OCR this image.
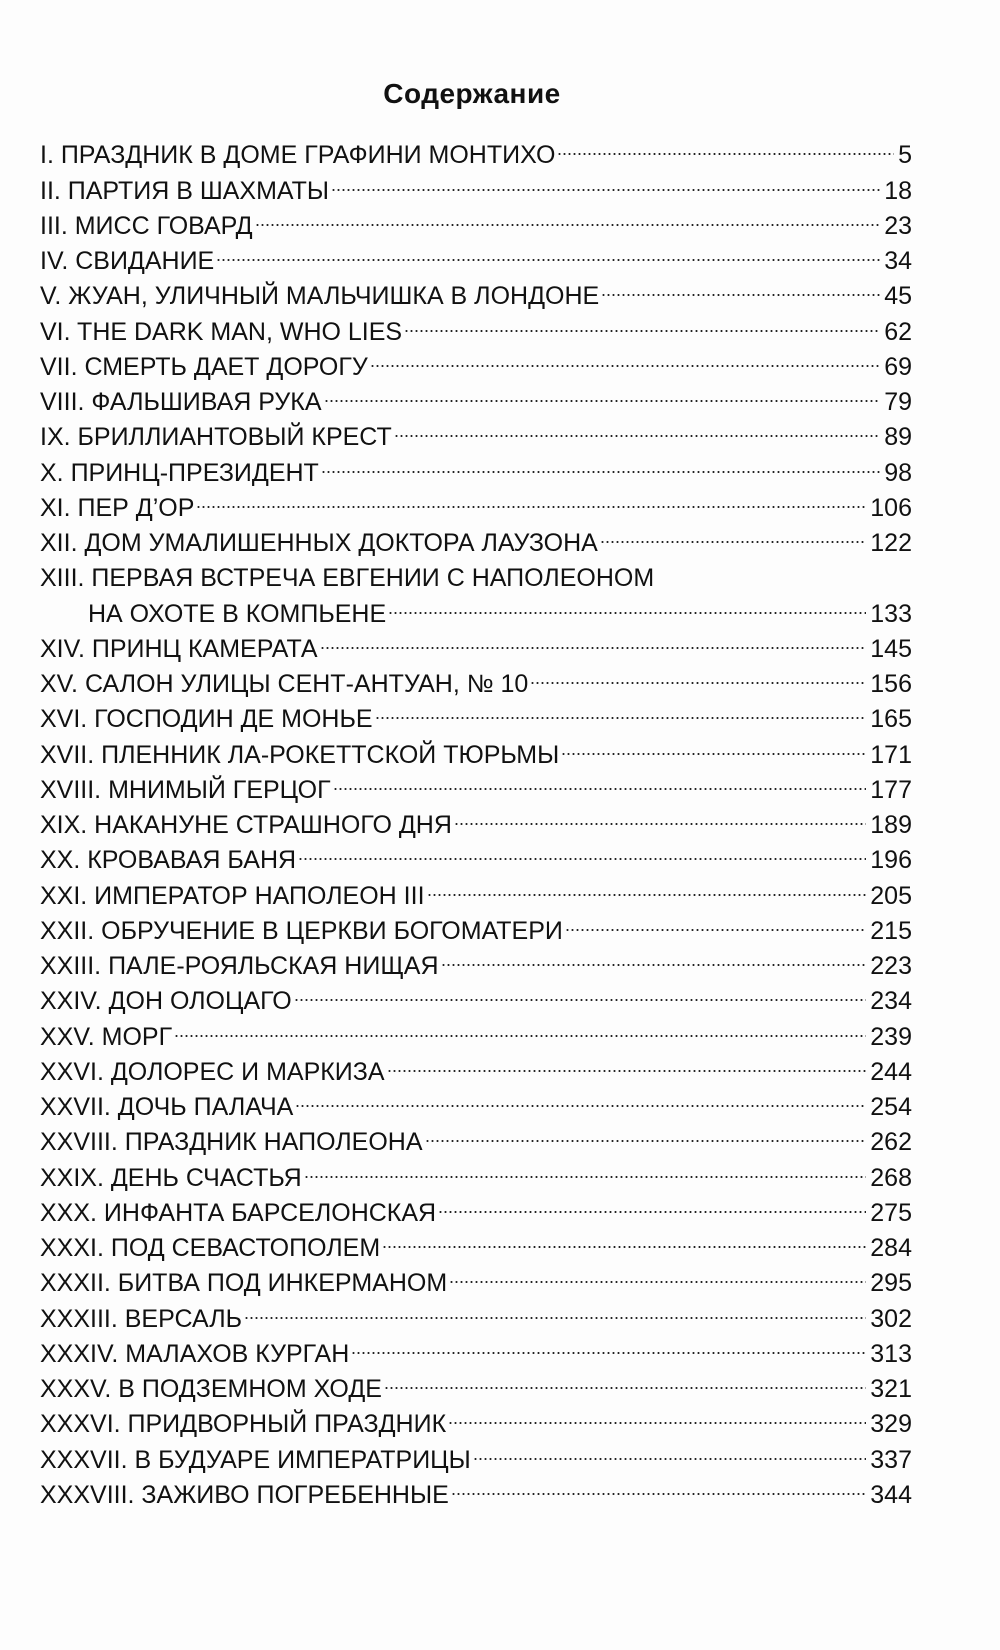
Содержание
I. ПРАЗДНИК В ДОМЕ ГРАФИНИ МОНТИХО	5
II. ПАРТИЯ В ШАХМАТЫ	18
III. МИСС ГОВАРД	23
IV. СВИДАНИЕ	34
V. ЖУАН, УЛИЧНЫЙ МАЛЬЧИШКА В ЛОНДОНЕ	45
VI. THE DARK MAN, WHO LIES	62
VII. СМЕРТЬ ДАЕТ ДОРОГУ	69
VIII. ФАЛЬШИВАЯ РУКА	79
IX. БРИЛЛИАНТОВЫЙ КРЕСТ	89
X. ПРИНЦ-ПРЕЗИДЕНТ	98
XI. ПЕР Д’ОР	106
XII. ДОМ УМАЛИШЕННЫХ ДОКТОРА ЛАУЗОНА	122
XIII. ПЕРВАЯ ВСТРЕЧА ЕВГЕНИИ С НАПОЛЕОНОМ
НА ОХОТЕ В КОМПЬЕНЕ	133
XIV. ПРИНЦ КАМЕРАТА	145
XV. САЛОН УЛИЦЫ СЕНТ-АНТУАН, № 10	156
XVI. ГОСПОДИН ДЕ МОНЬЕ	165
XVII. ПЛЕННИК ЛА-РОКЕТТСКОЙ ТЮРЬМЫ	171
XVIII. МНИМЫЙ ГЕРЦОГ	177
XIX. НАКАНУНЕ СТРАШНОГО ДНЯ	189
XX. КРОВАВАЯ БАНЯ	196
XXI. ИМПЕРАТОР НАПОЛЕОН III	205
XXII. ОБРУЧЕНИЕ В ЦЕРКВИ БОГОМАТЕРИ	215
XXIII. ПАЛЕ-РОЯЛЬСКАЯ НИЩАЯ	223
XXIV. ДОН ОЛОЦАГО	234
XXV. МОРГ	239
XXVI. ДОЛОРЕС И МАРКИЗА	244
XXVII. ДОЧЬ ПАЛАЧА	254
XXVIII. ПРАЗДНИК НАПОЛЕОНА	262
XXIX. ДЕНЬ СЧАСТЬЯ	268
XXX. ИНФАНТА БАРСЕЛОНСКАЯ	275
XXXI. ПОД СЕВАСТОПОЛЕМ	284
XXXII. БИТВА ПОД ИНКЕРМАНОМ	295
XXXIII. ВЕРСАЛЬ	302
XXXIV. МАЛАХОВ КУРГАН	313
XXXV. В ПОДЗЕМНОМ ХОДЕ	321
XXXVI. ПРИДВОРНЫЙ ПРАЗДНИК	329
XXXVII. В БУДУАРЕ ИМПЕРАТРИЦЫ	337
XXXVIII. ЗАЖИВО ПОГРЕБЕННЫЕ	344
